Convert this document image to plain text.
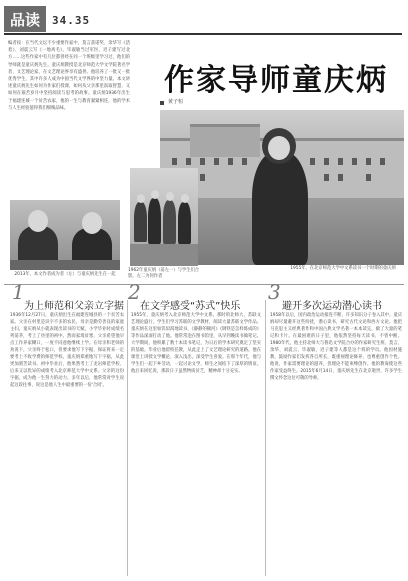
品读	34.35
编者按：在当代文坛不少重要作家中，莫言获诺奖、余华写《活着》、刘震云写《一地鸡毛》，毕淑敏当过军医、迟子建写过北方……这些作家中有几位都曾经在同一个班级里学习过，他们的导师就是童庆炳先生。童庆炳教授是北京师范大学文学院著名学者、文艺理论家，在文艺理论界享有盛誉。他培养了一批又一批优秀学生，其中许多人成为中国当代文学界的中坚力量。本文讲述童庆炳先生如何为作家们授课，如何从父亲那里汲取智慧，又如何在艰苦岁月中坚持阅读与思考的故事。童庆炳1936年出生于福建连城一个贫苦农家，他的一生与教育紧紧相连，他的学术与人生经验值得我们细细品味。
作家导师童庆炳
黄子桓
1955年，在北京师范大学中文系读书一个时期的童庆炳
1962年童庆炳（前左一）与学生们合影，左二为何作者
2013年，本文作者成为者（左）与童庆炳先生在一起
1
为上师范和父亲立字据
2
在文学感受“苏式”快乐
3
避开多次运动潜心读书
1936年12月27日，童庆炳出生在福建连城县的一个贫苦农家。父亲在村里是识字不多的农民，母亲是勤劳善良的家庭主妇。童庆炳从小就表现出读书的天赋，小学毕业时成绩名列前茅，考上了县里的初中。然而家境贫寒，父亲希望他早点工作养家糊口，一度不同意他继续上学。在母亲和老师的劝说下，父亲终于松口，但要求他写下字据，保证将来一定要考上不收学费的师范学校。童庆炳郑重地写下字据，从此更加刻苦读书。初中毕业后，他果然考上了龙岩师范学校，后来又以优异的成绩考入北京师范大学中文系。父亲的这份字据，成为他一生努力的动力。多年以后，他常常对学生说起这段往事，说这是他人生中最重要的一份'合同'。
1955年，童庆炳考入北京师范大学中文系。那时的北师大，苏联文艺理论盛行，学生们学习苏联的文学教材，阅读大量苏联文学作品。童庆炳在这里如饥似渴地读书，《静静的顿河》《钢铁是怎样炼成的》等作品深深打动了他。他常常泡在图书馆里，从早到晚读书做笔记。大学期间，他积累了数十本读书笔记，为日后的学术研究奠定了坚实的基础。毕业后他留校任教，从此走上了文艺理论研究的道路。他在课堂上讲授文学概论，深入浅出，深受学生喜爱。在那个年代，他与学生们一起下乡劳动，一起讨论文学，师生之间结下了深厚的情谊。他后来回忆说，那段日子虽然物质贫乏，精神却十分充实。
1958年以后，国内政治运动接连不断，许多知识分子卷入其中。童庆炳却尽量避开这些纷扰，潜心读书，研究古代文论和西方文论。他把马克思主义经典著作和中国古典文学名著一本本读完，做了大量的笔记和卡片。在最困难的日子里，他依然坚持每天读书，不曾中断。1980年代，他主持北师大与鲁迅文学院合办的作家研究生班，莫言、余华、刘震云、毕淑敏、迟子建等人都是这个班的学员。他因材施教，鼓励作家们发挥各自所长，既重视理论修养，也尊重创作个性。他说，作家需要理论的滋养，但理论不能束缚创作。他的教诲使这些作家受益终生。2015年6月14日，童庆炳先生在北京逝世，许多学生撰文怀念这位可敬的导师。
